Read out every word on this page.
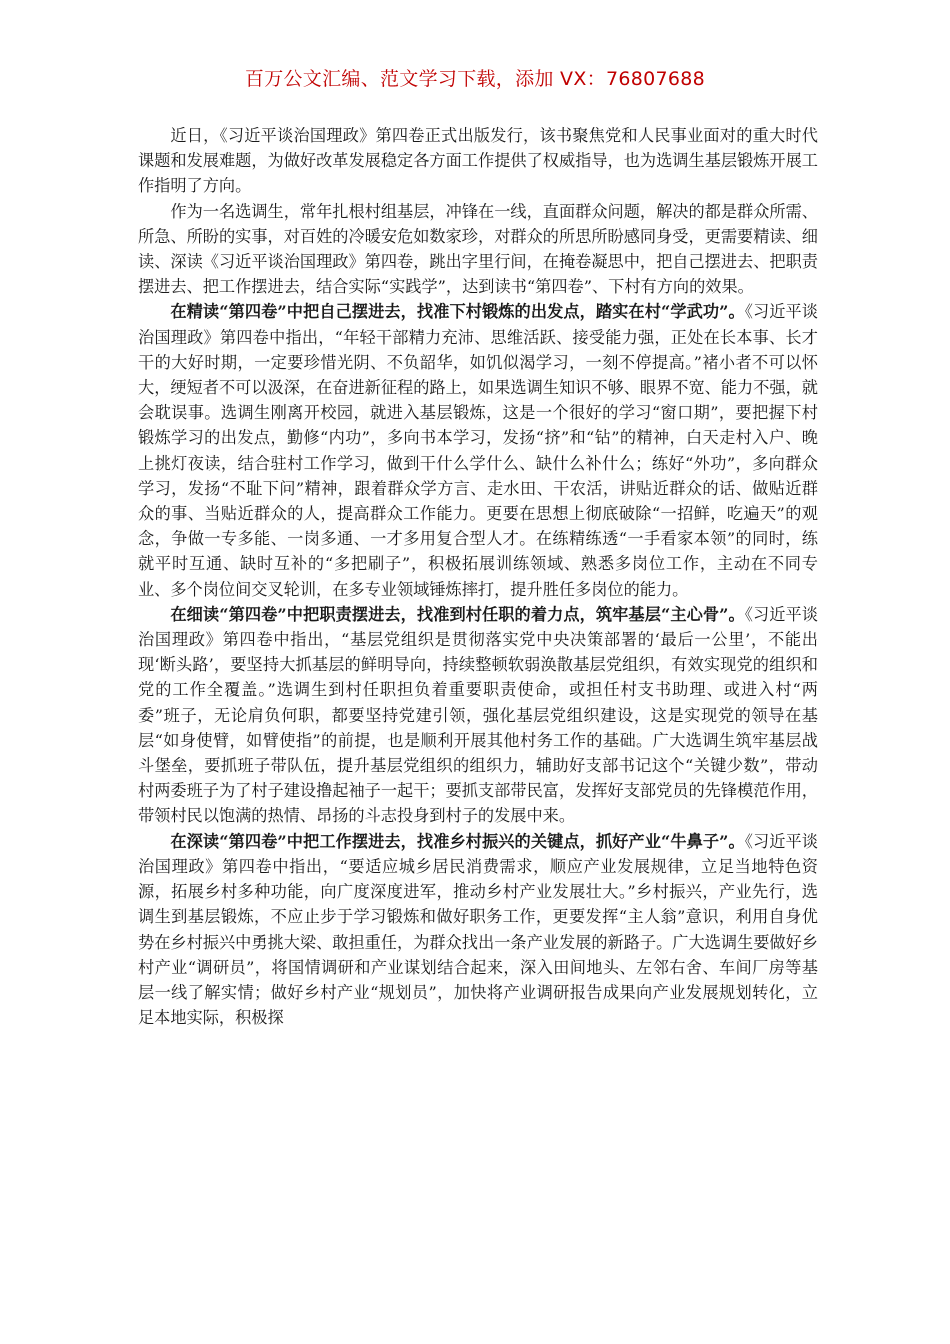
百万公文汇编、范文学习下载，添加 VX：76807688

近日，《习近平谈治国理政》第四卷正式出版发行，该书聚焦党和人民事业面对的重大时代课题和发展难题，为做好改革发展稳定各方面工作提供了权威指导，也为选调生基层锻炼开展工作指明了方向。

作为一名选调生，常年扎根村组基层，冲锋在一线，直面群众问题，解决的都是群众所需、所急、所盼的实事，对百姓的冷暖安危如数家珍，对群众的所思所盼感同身受，更需要精读、细读、深读《习近平谈治国理政》第四卷，跳出字里行间，在掩卷凝思中，把自己摆进去、把职责摆进去、把工作摆进去，结合实际“实践学”，达到读书“第四卷”、下村有方向的效果。

在精读“第四卷”中把自己摆进去，找准下村锻炼的出发点，踏实在村“学武功”。《习近平谈治国理政》第四卷中指出，“年轻干部精力充沛、思维活跃、接受能力强，正处在长本事、长才干的大好时期，一定要珍惜光阴、不负韶华，如饥似渴学习，一刻不停提高。”褚小者不可以怀大，绠短者不可以汲深，在奋进新征程的路上，如果选调生知识不够、眼界不宽、能力不强，就会耽误事。选调生刚离开校园，就进入基层锻炼，这是一个很好的学习“窗口期”，要把握下村锻炼学习的出发点，勤修“内功”，多向书本学习，发扬“挤”和“钻”的精神，白天走村入户、晚上挑灯夜读，结合驻村工作学习，做到干什么学什么、缺什么补什么；练好“外功”，多向群众学习，发扬“不耻下问”精神，跟着群众学方言、走水田、干农活，讲贴近群众的话、做贴近群众的事、当贴近群众的人，提高群众工作能力。更要在思想上彻底破除“一招鲜，吃遍天”的观念，争做一专多能、一岗多通、一才多用复合型人才。在练精练透“一手看家本领”的同时，练就平时互通、缺时互补的“多把刷子”，积极拓展训练领域、熟悉多岗位工作，主动在不同专业、多个岗位间交叉轮训，在多专业领域锤炼摔打，提升胜任多岗位的能力。

在细读“第四卷”中把职责摆进去，找准到村任职的着力点，筑牢基层“主心骨”。《习近平谈治国理政》第四卷中指出，“基层党组织是贯彻落实党中央决策部署的‘最后一公里’，不能出现‘断头路’，要坚持大抓基层的鲜明导向，持续整顿软弱涣散基层党组织，有效实现党的组织和党的工作全覆盖。”选调生到村任职担负着重要职责使命，或担任村支书助理、或进入村“两委”班子，无论肩负何职，都要坚持党建引领，强化基层党组织建设，这是实现党的领导在基层“如身使臂，如臂使指”的前提，也是顺利开展其他村务工作的基础。广大选调生筑牢基层战斗堡垒，要抓班子带队伍，提升基层党组织的组织力，辅助好支部书记这个“关键少数”，带动村两委班子为了村子建设撸起袖子一起干；要抓支部带民富，发挥好支部党员的先锋模范作用，带领村民以饱满的热情、昂扬的斗志投身到村子的发展中来。

在深读“第四卷”中把工作摆进去，找准乡村振兴的关键点，抓好产业“牛鼻子”。《习近平谈治国理政》第四卷中指出，“要适应城乡居民消费需求，顺应产业发展规律，立足当地特色资源，拓展乡村多种功能，向广度深度进军，推动乡村产业发展壮大。”乡村振兴，产业先行，选调生到基层锻炼，不应止步于学习锻炼和做好职务工作，更要发挥“主人翁”意识，利用自身优势在乡村振兴中勇挑大梁、敢担重任，为群众找出一条产业发展的新路子。广大选调生要做好乡村产业“调研员”，将国情调研和产业谋划结合起来，深入田间地头、左邻右舍、车间厂房等基层一线了解实情；做好乡村产业“规划员”，加快将产业调研报告成果向产业发展规划转化，立足本地实际，积极探
